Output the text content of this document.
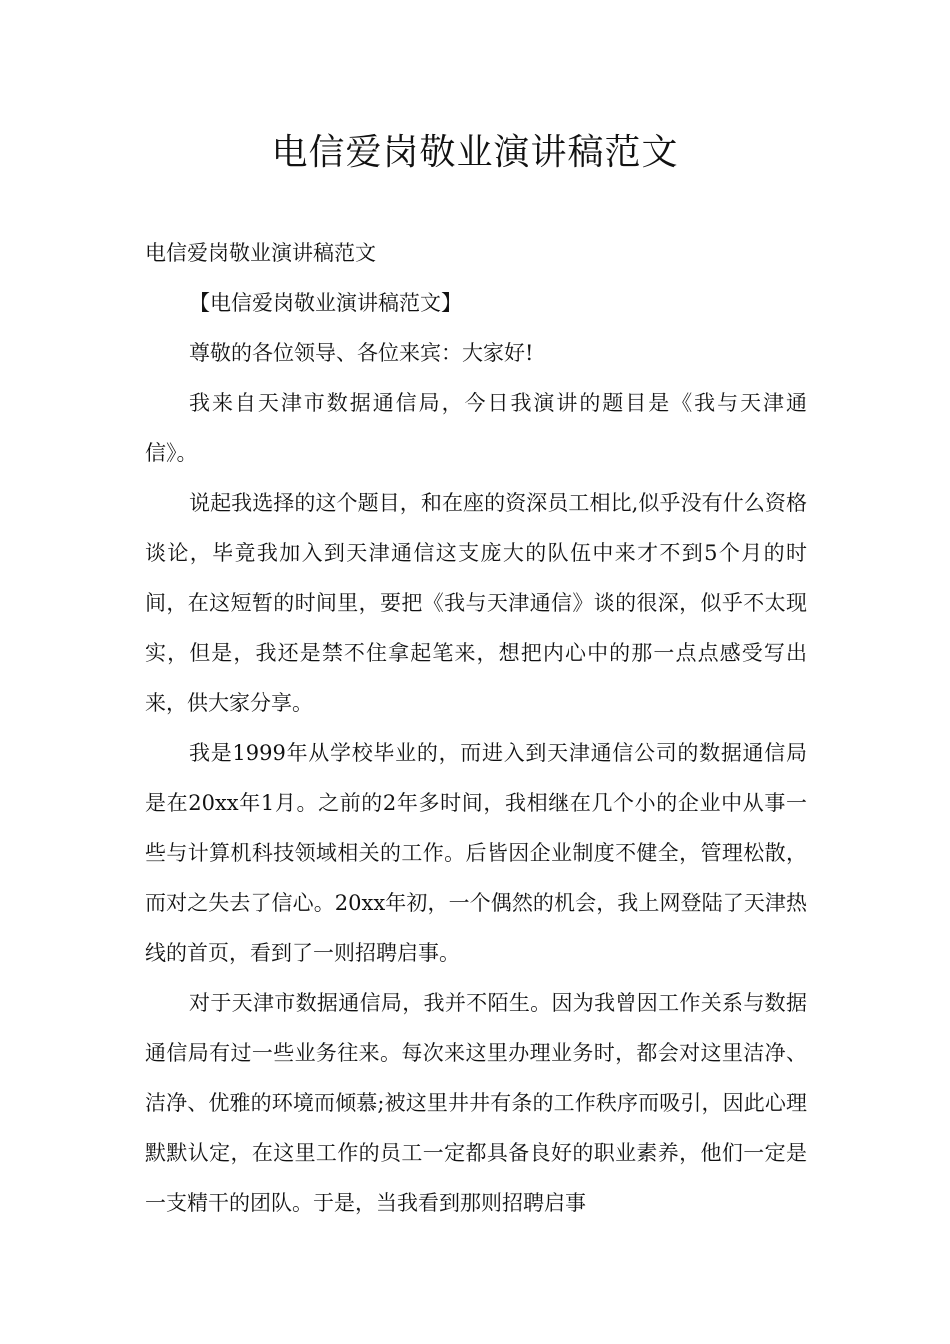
电信爱岗敬业演讲稿范文

电信爱岗敬业演讲稿范文

【电信爱岗敬业演讲稿范文】

尊敬的各位领导、各位来宾：大家好!

我来自天津市数据通信局，今日我演讲的题目是《我与天津通信》。

说起我选择的这个题目，和在座的资深员工相比,似乎没有什么资格谈论，毕竟我加入到天津通信这支庞大的队伍中来才不到5个月的时间，在这短暂的时间里，要把《我与天津通信》谈的很深，似乎不太现实，但是，我还是禁不住拿起笔来，想把内心中的那一点点感受写出来，供大家分享。

我是1999年从学校毕业的，而进入到天津通信公司的数据通信局是在20xx年1月。之前的2年多时间，我相继在几个小的企业中从事一些与计算机科技领域相关的工作。后皆因企业制度不健全，管理松散，而对之失去了信心。20xx年初，一个偶然的机会，我上网登陆了天津热线的首页，看到了一则招聘启事。

对于天津市数据通信局，我并不陌生。因为我曾因工作关系与数据通信局有过一些业务往来。每次来这里办理业务时，都会对这里洁净、洁净、优雅的环境而倾慕;被这里井井有条的工作秩序而吸引，因此心理默默认定，在这里工作的员工一定都具备良好的职业素养，他们一定是一支精干的团队。于是，当我看到那则招聘启事
